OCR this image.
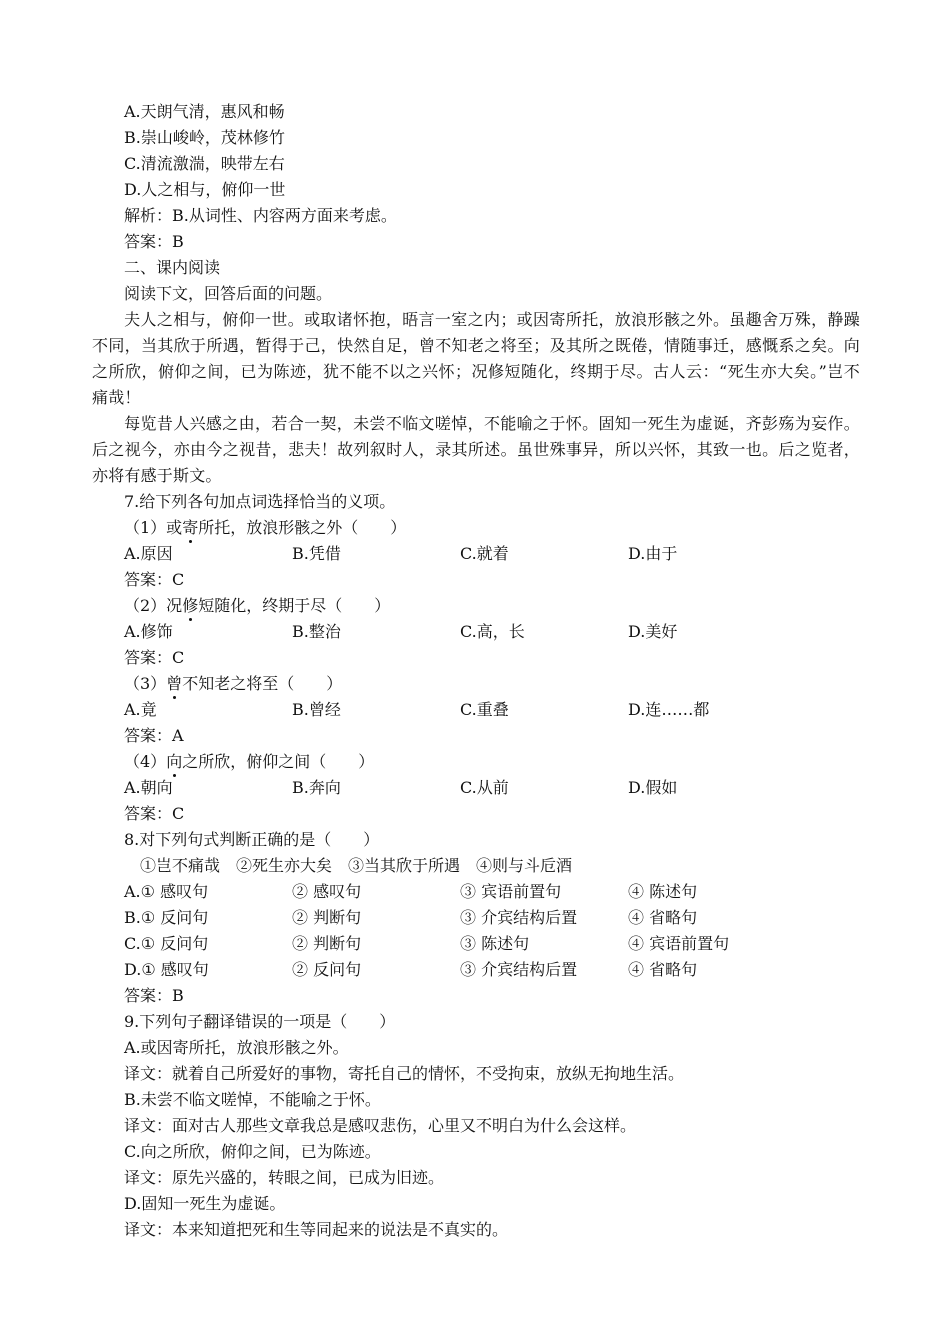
A.天朗气清，惠风和畅
B.崇山峻岭，茂林修竹
C.清流激湍，映带左右
D.人之相与，俯仰一世
解析：B.从词性、内容两方面来考虑。
答案：B
二、课内阅读
阅读下文，回答后面的问题。
夫人之相与，俯仰一世。或取诸怀抱，晤言一室之内；或因寄所托，放浪形骸之外。虽趣舍万殊，静躁不同，当其欣于所遇，暂得于己，快然自足，曾不知老之将至；及其所之既倦，情随事迁，感慨系之矣。向之所欣，俯仰之间，已为陈迹，犹不能不以之兴怀；况修短随化，终期于尽。古人云：“死生亦大矣。”岂不痛哉！
每览昔人兴感之由，若合一契，未尝不临文嗟悼，不能喻之于怀。固知一死生为虚诞，齐彭殇为妄作。后之视今，亦由今之视昔，悲夫！故列叙时人，录其所述。虽世殊事异，所以兴怀，其致一也。后之览者，亦将有感于斯文。
7.给下列各句加点词选择恰当的义项。
（1）或寄所托，放浪形骸之外（　　）
A.原因	B.凭借	C.就着	D.由于
答案：C
（2）况修短随化，终期于尽（　　）
A.修饰	B.整治	C.高，长	D.美好
答案：C
（3）曾不知老之将至（　　）
A.竟	B.曾经	C.重叠	D.连……都
答案：A
（4）向之所欣，俯仰之间（　　）
A.朝向	B.奔向	C.从前	D.假如
答案：C
8.对下列句式判断正确的是（　　）
①岂不痛哉　②死生亦大矣　③当其欣于所遇　④则与斗卮酒
A.① 感叹句	② 感叹句	③ 宾语前置句	④ 陈述句
B.① 反问句	② 判断句	③ 介宾结构后置	④ 省略句
C.① 反问句	② 判断句	③ 陈述句	④ 宾语前置句
D.① 感叹句	② 反问句	③ 介宾结构后置	④ 省略句
答案：B
9.下列句子翻译错误的一项是（　　）
A.或因寄所托，放浪形骸之外。
译文：就着自己所爱好的事物，寄托自己的情怀，不受拘束，放纵无拘地生活。
B.未尝不临文嗟悼，不能喻之于怀。
译文：面对古人那些文章我总是感叹悲伤，心里又不明白为什么会这样。
C.向之所欣，俯仰之间，已为陈迹。
译文：原先兴盛的，转眼之间，已成为旧迹。
D.固知一死生为虚诞。
译文：本来知道把死和生等同起来的说法是不真实的。
